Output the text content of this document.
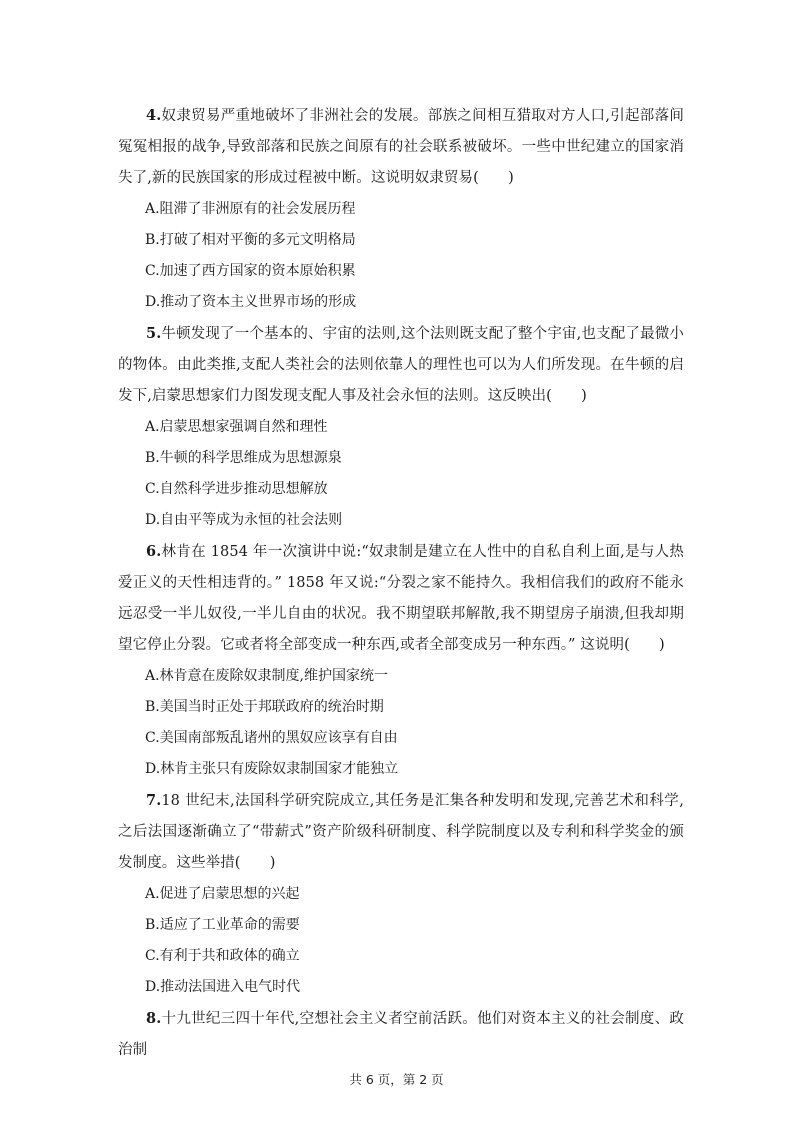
4.奴隶贸易严重地破坏了非洲社会的发展。部族之间相互猎取对方人口,引起部落间冤冤相报的战争,导致部落和民族之间原有的社会联系被破坏。一些中世纪建立的国家消失了,新的民族国家的形成过程被中断。这说明奴隶贸易(　　)

A.阻滞了非洲原有的社会发展历程

B.打破了相对平衡的多元文明格局

C.加速了西方国家的资本原始积累

D.推动了资本主义世界市场的形成

5.牛顿发现了一个基本的、宇宙的法则,这个法则既支配了整个宇宙,也支配了最微小的物体。由此类推,支配人类社会的法则依靠人的理性也可以为人们所发现。在牛顿的启发下,启蒙思想家们力图发现支配人事及社会永恒的法则。这反映出(　　)

A.启蒙思想家强调自然和理性

B.牛顿的科学思维成为思想源泉

C.自然科学进步推动思想解放

D.自由平等成为永恒的社会法则

6.林肯在 1854 年一次演讲中说:“奴隶制是建立在人性中的自私自利上面,是与人热爱正义的天性相违背的。” 1858 年又说:“分裂之家不能持久。我相信我们的政府不能永远忍受一半儿奴役,一半儿自由的状况。我不期望联邦解散,我不期望房子崩溃,但我却期望它停止分裂。它或者将全部变成一种东西,或者全部变成另一种东西。” 这说明(　　)

A.林肯意在废除奴隶制度,维护国家统一

B.美国当时正处于邦联政府的统治时期

C.美国南部叛乱诸州的黑奴应该享有自由

D.林肯主张只有废除奴隶制国家才能独立

7.18 世纪末,法国科学研究院成立,其任务是汇集各种发明和发现,完善艺术和科学,之后法国逐渐确立了“带薪式”资产阶级科研制度、科学院制度以及专利和科学奖金的颁发制度。这些举措(　　)

A.促进了启蒙思想的兴起

B.适应了工业革命的需要

C.有利于共和政体的确立

D.推动法国进入电气时代

8.十九世纪三四十年代,空想社会主义者空前活跃。他们对资本主义的社会制度、政治制

共 6 页，第 2 页
